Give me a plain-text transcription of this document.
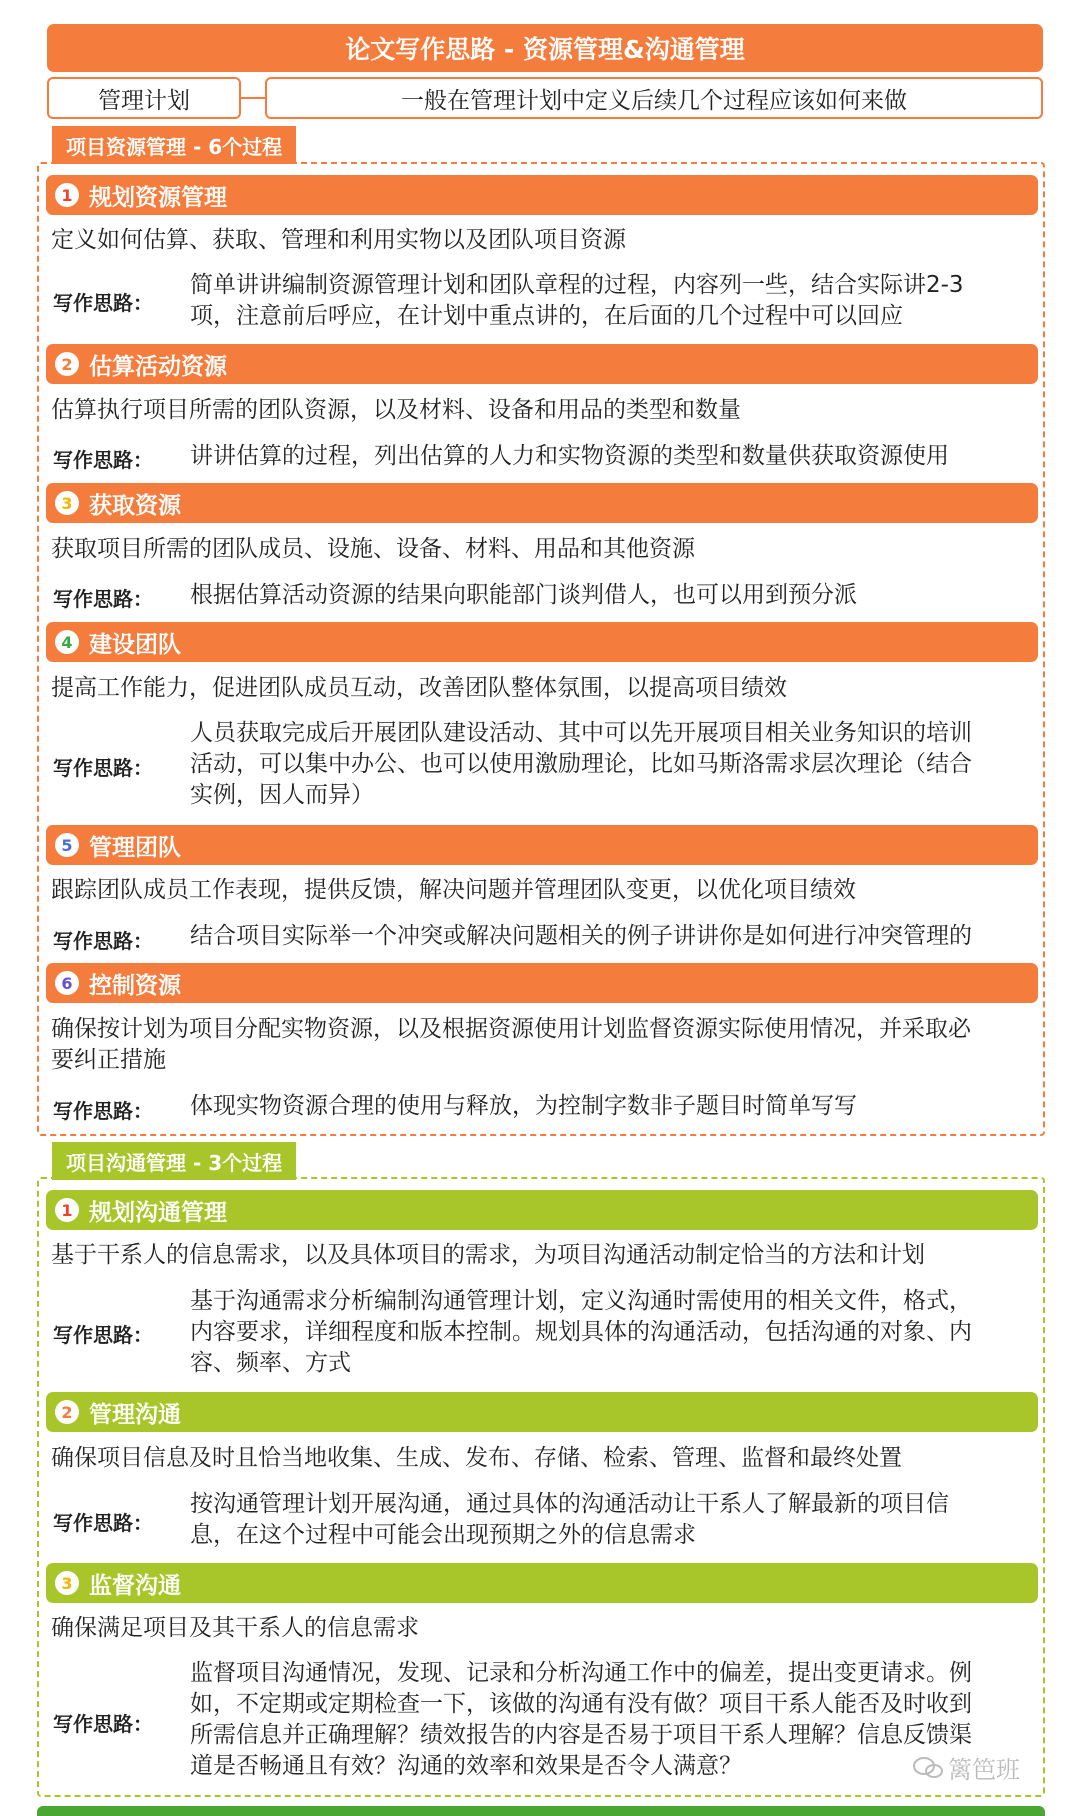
论文写作思路 - 资源管理&沟通管理
管理计划	一般在管理计划中定义后续几个过程应该如何来做
项目资源管理 - 6个过程
1 规划资源管理
定义如何估算、获取、管理和利用实物以及团队项目资源
写作思路：
简单讲讲编制资源管理计划和团队章程的过程，内容列一些，结合实际讲2-3
项，注意前后呼应，在计划中重点讲的，在后面的几个过程中可以回应
2 估算活动资源
估算执行项目所需的团队资源，以及材料、设备和用品的类型和数量
写作思路： 讲讲估算的过程，列出估算的人力和实物资源的类型和数量供获取资源使用
3 获取资源
获取项目所需的团队成员、设施、设备、材料、用品和其他资源
写作思路： 根据估算活动资源的结果向职能部门谈判借人，也可以用到预分派
4 建设团队
提高工作能力，促进团队成员互动，改善团队整体氛围，以提高项目绩效
写作思路：
人员获取完成后开展团队建设活动、其中可以先开展项目相关业务知识的培训
活动，可以集中办公、也可以使用激励理论，比如马斯洛需求层次理论（结合
实例，因人而异）
5 管理团队
跟踪团队成员工作表现，提供反馈，解决问题并管理团队变更，以优化项目绩效
写作思路： 结合项目实际举一个冲突或解决问题相关的例子讲讲你是如何进行冲突管理的
6 控制资源
确保按计划为项目分配实物资源，以及根据资源使用计划监督资源实际使用情况，并采取必
要纠正措施
写作思路： 体现实物资源合理的使用与释放，为控制字数非子题目时简单写写
项目沟通管理 - 3个过程
1 规划沟通管理
基于干系人的信息需求，以及具体项目的需求，为项目沟通活动制定恰当的方法和计划
写作思路：
基于沟通需求分析编制沟通管理计划，定义沟通时需使用的相关文件，格式，
内容要求，详细程度和版本控制。规划具体的沟通活动，包括沟通的对象、内
容、频率、方式
2 管理沟通
确保项目信息及时且恰当地收集、生成、发布、存储、检索、管理、监督和最终处置
写作思路：
按沟通管理计划开展沟通，通过具体的沟通活动让干系人了解最新的项目信
息，在这个过程中可能会出现预期之外的信息需求
3 监督沟通
确保满足项目及其干系人的信息需求
写作思路：
监督项目沟通情况，发现、记录和分析沟通工作中的偏差，提出变更请求。例
如，不定期或定期检查一下，该做的沟通有没有做？项目干系人能否及时收到
所需信息并正确理解？绩效报告的内容是否易于项目干系人理解？信息反馈渠
道是否畅通且有效？沟通的效率和效果是否令人满意？	篱笆班
